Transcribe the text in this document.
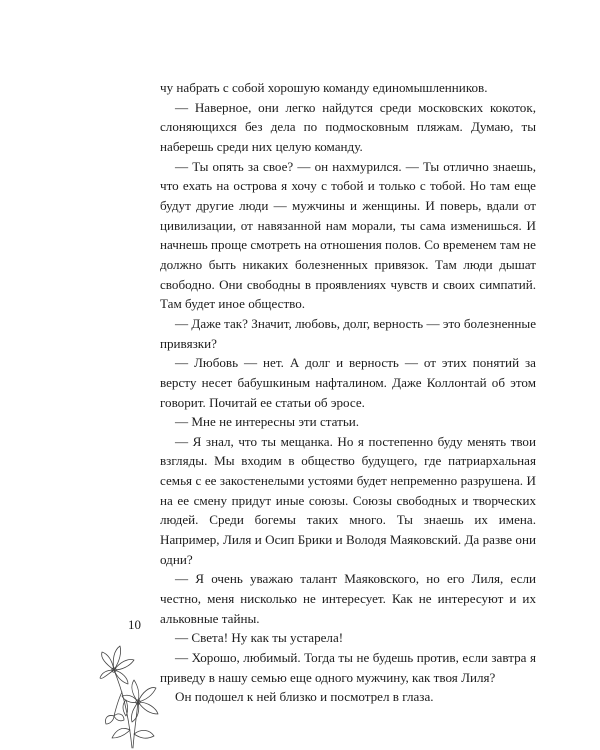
чу набрать с собой хорошую команду единомышленников.

— Наверное, они легко найдутся среди московских кокоток, слоняющихся без дела по подмосковным пляжам. Думаю, ты наберешь среди них целую команду.

— Ты опять за свое? — он нахмурился. — Ты отлично знаешь, что ехать на острова я хочу с тобой и только с тобой. Но там еще будут другие люди — мужчины и женщины. И поверь, вдали от цивилизации, от навязанной нам морали, ты сама изменишься. И начнешь проще смотреть на отношения полов. Со временем там не должно быть никаких болезненных привязок. Там люди дышат свободно. Они свободны в проявлениях чувств и своих симпатий. Там будет иное общество.

— Даже так? Значит, любовь, долг, верность — это болезненные привязки?

— Любовь — нет. А долг и верность — от этих понятий за версту несет бабушкиным нафталином. Даже Коллонтай об этом говорит. Почитай ее статьи об эросе.

— Мне не интересны эти статьи.

— Я знал, что ты мещанка. Но я постепенно буду менять твои взгляды. Мы входим в общество будущего, где патриархальная семья с ее закостенелыми устоями будет непременно разрушена. И на ее смену придут иные союзы. Союзы свободных и творческих людей. Среди богемы таких много. Ты знаешь их имена. Например, Лиля и Осип Брики и Володя Маяковский. Да разве они одни?

— Я очень уважаю талант Маяковского, но его Лиля, если честно, меня нисколько не интересует. Как не интересуют и их альковные тайны.

— Света! Ну как ты устарела!

— Хорошо, любимый. Тогда ты не будешь против, если завтра я приведу в нашу семью еще одного мужчину, как твоя Лиля?

Он подошел к ней близко и посмотрел в глаза.

10
